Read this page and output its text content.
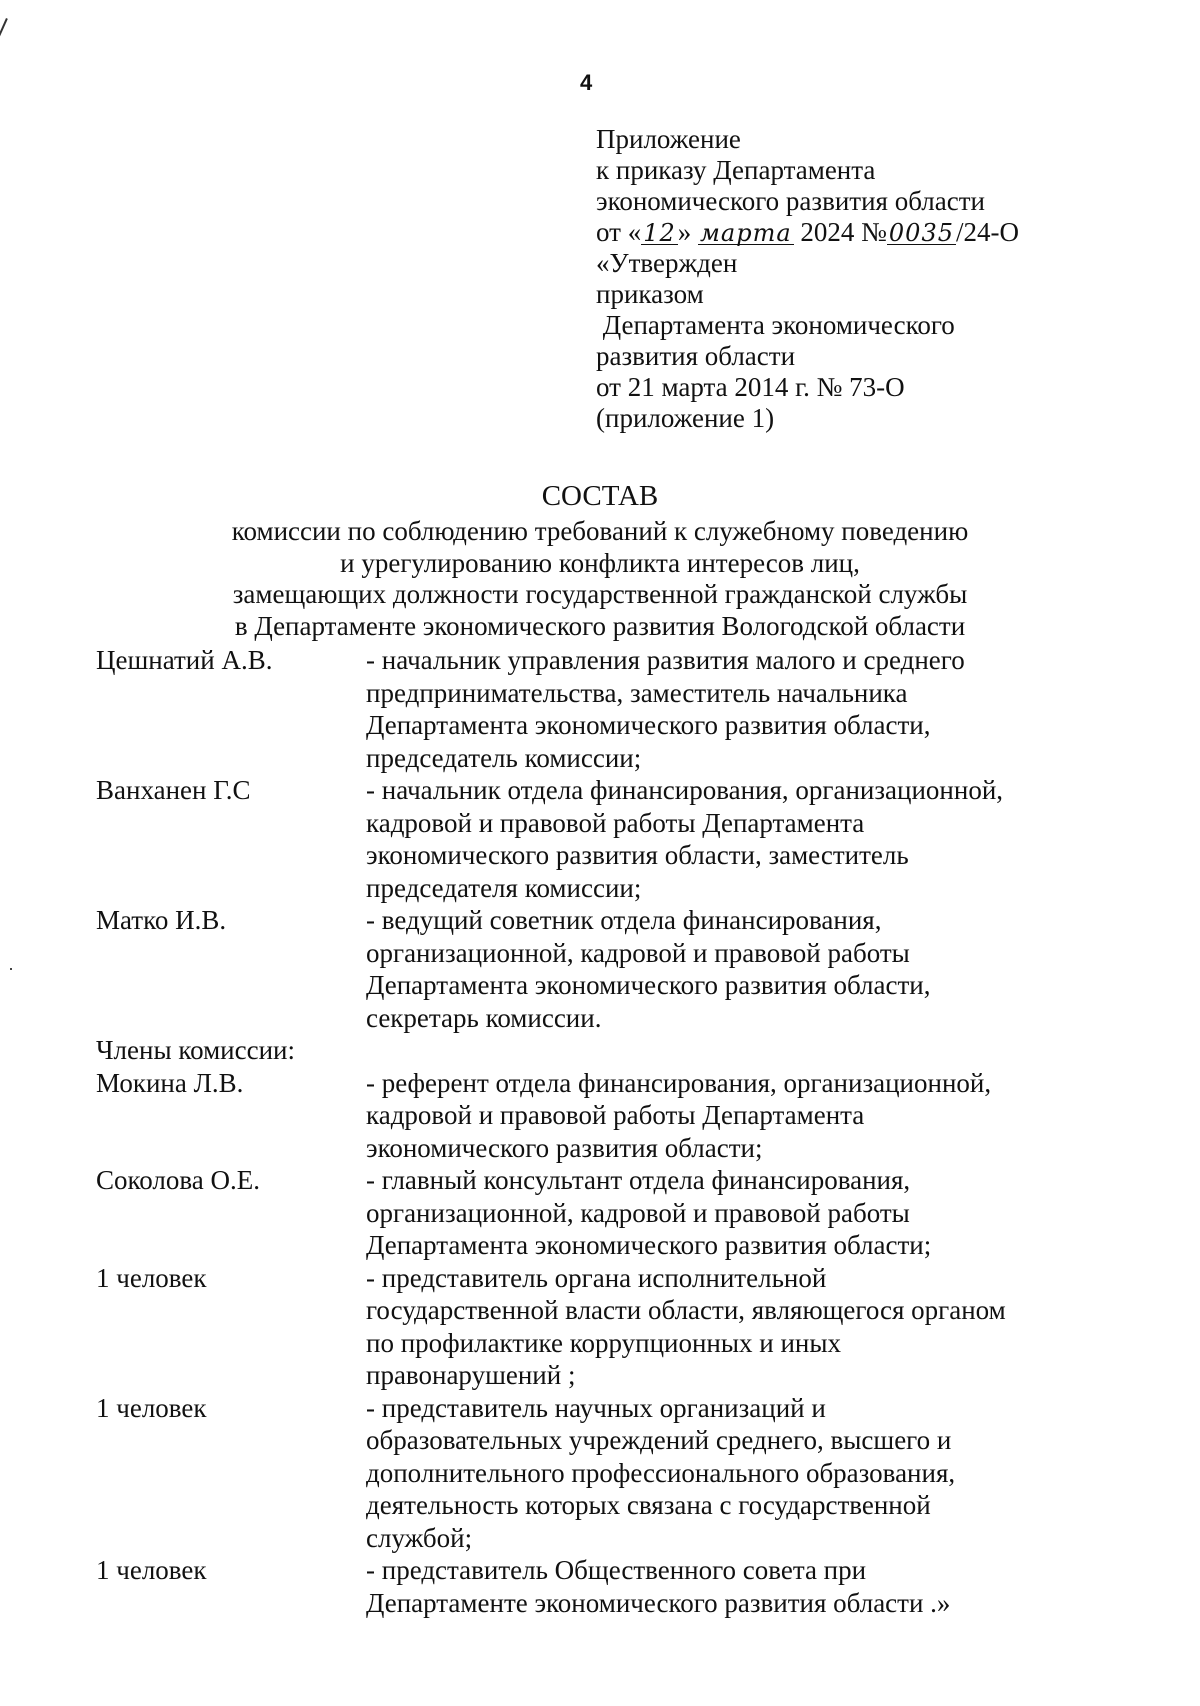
4
Приложение
к приказу Департамента
экономического развития области
от «12» марта 2024 №0035/24-О
«Утвержден
приказом
Департамента экономического
развития области
от 21 марта 2014 г. № 73-О
(приложение 1)
СОСТАВ
комиссии по соблюдению требований к служебному поведению
и урегулированию конфликта интересов лиц,
замещающих должности государственной гражданской службы
в Департаменте экономического развития Вологодской области
Цешнатий А.В.	- начальник управления развития малого и среднего
предпринимательства, заместитель начальника
Департамента экономического развития области,
председатель комиссии;
Ванханен Г.С	- начальник отдела финансирования, организационной,
кадровой и правовой работы Департамента
экономического развития области, заместитель
председателя комиссии;
Матко И.В.	- ведущий советник отдела финансирования,
организационной, кадровой и правовой работы
Департамента экономического развития области,
секретарь комиссии.
Члены комиссии:
Мокина Л.В.	- референт отдела финансирования, организационной,
кадровой и правовой работы Департамента
экономического развития области;
Соколова О.Е.	- главный консультант отдела финансирования,
организационной, кадровой и правовой работы
Департамента экономического развития области;
1 человек	- представитель органа исполнительной
государственной власти области, являющегося органом
по профилактике коррупционных и иных
правонарушений ;
1 человек	- представитель научных организаций и
образовательных учреждений среднего, высшего и
дополнительного профессионального образования,
деятельность которых связана с государственной
службой;
1 человек	- представитель Общественного совета при
Департаменте экономического развития области .»
